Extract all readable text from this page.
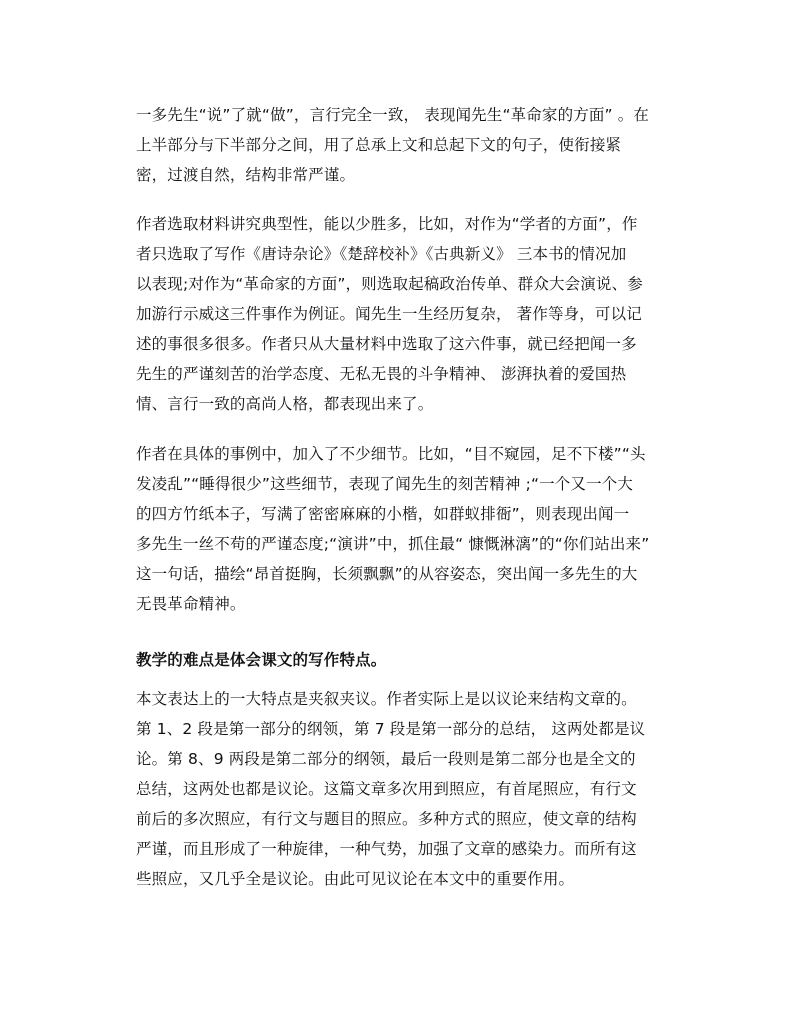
一多先生“说”了就“做”，言行完全一致， 表现闻先生“革命家的方面” 。在
上半部分与下半部分之间，用了总承上文和总起下文的句子，使衔接紧
密，过渡自然，结构非常严谨。

作者选取材料讲究典型性，能以少胜多，比如，对作为“学者的方面”，作
者只选取了写作《唐诗杂论》《楚辞校补》《古典新义》 三本书的情况加
以表现;对作为“革命家的方面”，则选取起稿政治传单、群众大会演说、参
加游行示威这三件事作为例证。闻先生一生经历复杂， 著作等身，可以记
述的事很多很多。作者只从大量材料中选取了这六件事，就已经把闻一多
先生的严谨刻苦的治学态度、无私无畏的斗争精神、 澎湃执着的爱国热
情、言行一致的高尚人格，都表现出来了。

作者在具体的事例中，加入了不少细节。比如，“目不窥园，足不下楼”“头
发凌乱”“睡得很少”这些细节，表现了闻先生的刻苦精神 ;“一个又一个大
的四方竹纸本子，写满了密密麻麻的小楷，如群蚁排衙”，则表现出闻一
多先生一丝不苟的严谨态度;“演讲”中，抓住最“ 慷慨淋漓”的“你们站出来”
这一句话，描绘“昂首挺胸，长须飘飘”的从容姿态，突出闻一多先生的大
无畏革命精神。

教学的难点是体会课文的写作特点。

本文表达上的一大特点是夹叙夹议。作者实际上是以议论来结构文章的。
第 1、2 段是第一部分的纲领，第 7 段是第一部分的总结， 这两处都是议
论。第 8、9 两段是第二部分的纲领，最后一段则是第二部分也是全文的
总结，这两处也都是议论。这篇文章多次用到照应，有首尾照应，有行文
前后的多次照应，有行文与题目的照应。多种方式的照应，使文章的结构
严谨，而且形成了一种旋律，一种气势，加强了文章的感染力。而所有这
些照应，又几乎全是议论。由此可见议论在本文中的重要作用。
